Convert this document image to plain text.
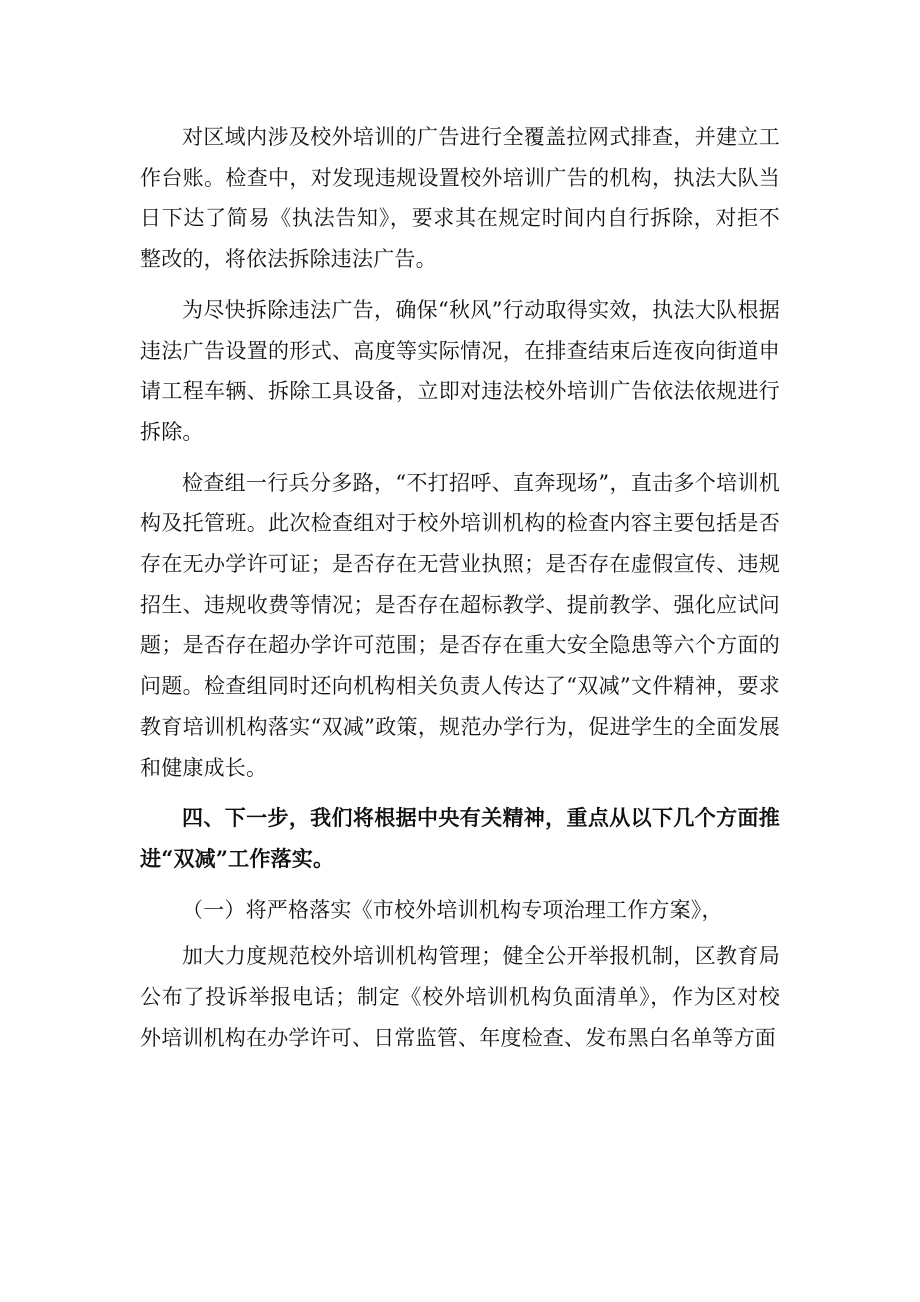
对区域内涉及校外培训的广告进行全覆盖拉网式排查，并建立工作台账。检查中，对发现违规设置校外培训广告的机构，执法大队当日下达了简易《执法告知》，要求其在规定时间内自行拆除，对拒不整改的，将依法拆除违法广告。

为尽快拆除违法广告，确保“秋风”行动取得实效，执法大队根据违法广告设置的形式、高度等实际情况，在排查结束后连夜向街道申请工程车辆、拆除工具设备，立即对违法校外培训广告依法依规进行拆除。

检查组一行兵分多路，“不打招呼、直奔现场”，直击多个培训机构及托管班。此次检查组对于校外培训机构的检查内容主要包括是否存在无办学许可证；是否存在无营业执照；是否存在虚假宣传、违规招生、违规收费等情况；是否存在超标教学、提前教学、强化应试问题；是否存在超办学许可范围；是否存在重大安全隐患等六个方面的问题。检查组同时还向机构相关负责人传达了“双减”文件精神，要求教育培训机构落实“双减”政策，规范办学行为，促进学生的全面发展和健康成长。

四、下一步，我们将根据中央有关精神，重点从以下几个方面推进“双减”工作落实。

（一）将严格落实《市校外培训机构专项治理工作方案》，

加大力度规范校外培训机构管理；健全公开举报机制，区教育局公布了投诉举报电话；制定《校外培训机构负面清单》，作为区对校外培训机构在办学许可、日常监管、年度检查、发布黑白名单等方面
